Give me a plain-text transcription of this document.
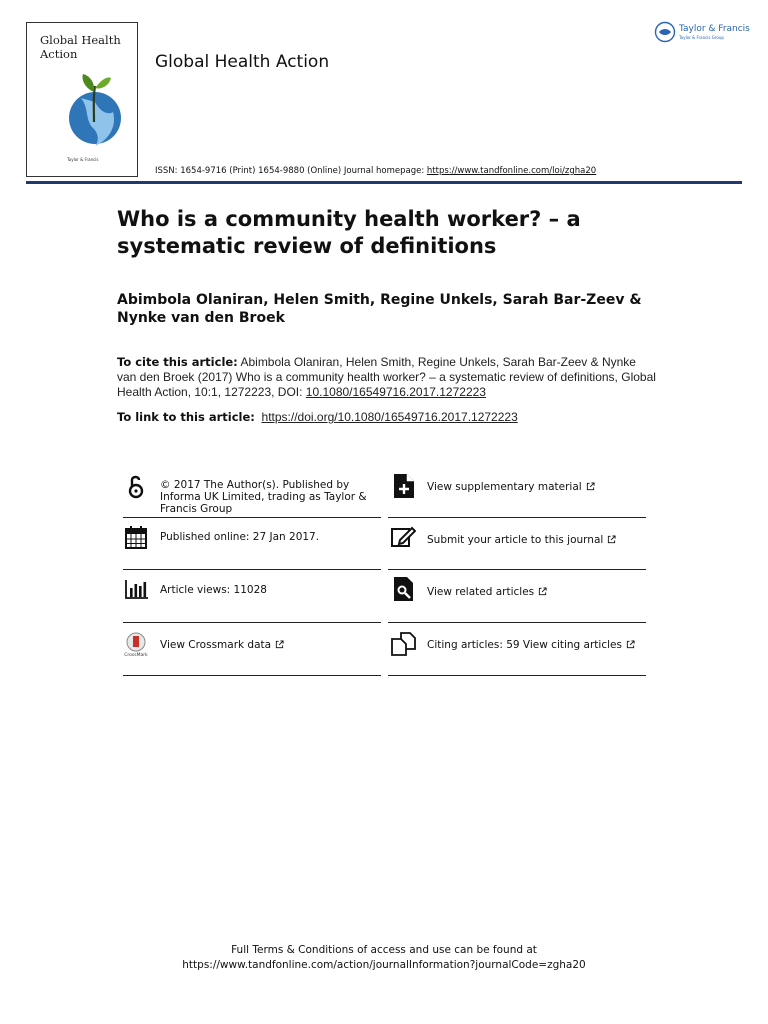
Global Health Action
Taylor & Francis
Global Health Action
ISSN: 1654-9716 (Print) 1654-9880 (Online) Journal homepage: https://www.tandfonline.com/loi/zgha20
Taylor & Francis
Taylor & Francis Group
Who is a community health worker? – a systematic review of definitions
Abimbola Olaniran, Helen Smith, Regine Unkels, Sarah Bar-Zeev & Nynke van den Broek
To cite this article: Abimbola Olaniran, Helen Smith, Regine Unkels, Sarah Bar-Zeev & Nynke van den Broek (2017) Who is a community health worker? – a systematic review of definitions, Global Health Action, 10:1, 1272223, DOI: 10.1080/16549716.2017.1272223
To link to this article: https://doi.org/10.1080/16549716.2017.1272223
© 2017 The Author(s). Published by Informa UK Limited, trading as Taylor & Francis Group
Published online: 27 Jan 2017.
Article views: 11028
CrossMark
View Crossmark data
View supplementary material
Submit your article to this journal
View related articles
Citing articles: 59 View citing articles
Full Terms & Conditions of access and use can be found at
https://www.tandfonline.com/action/journalInformation?journalCode=zgha20
